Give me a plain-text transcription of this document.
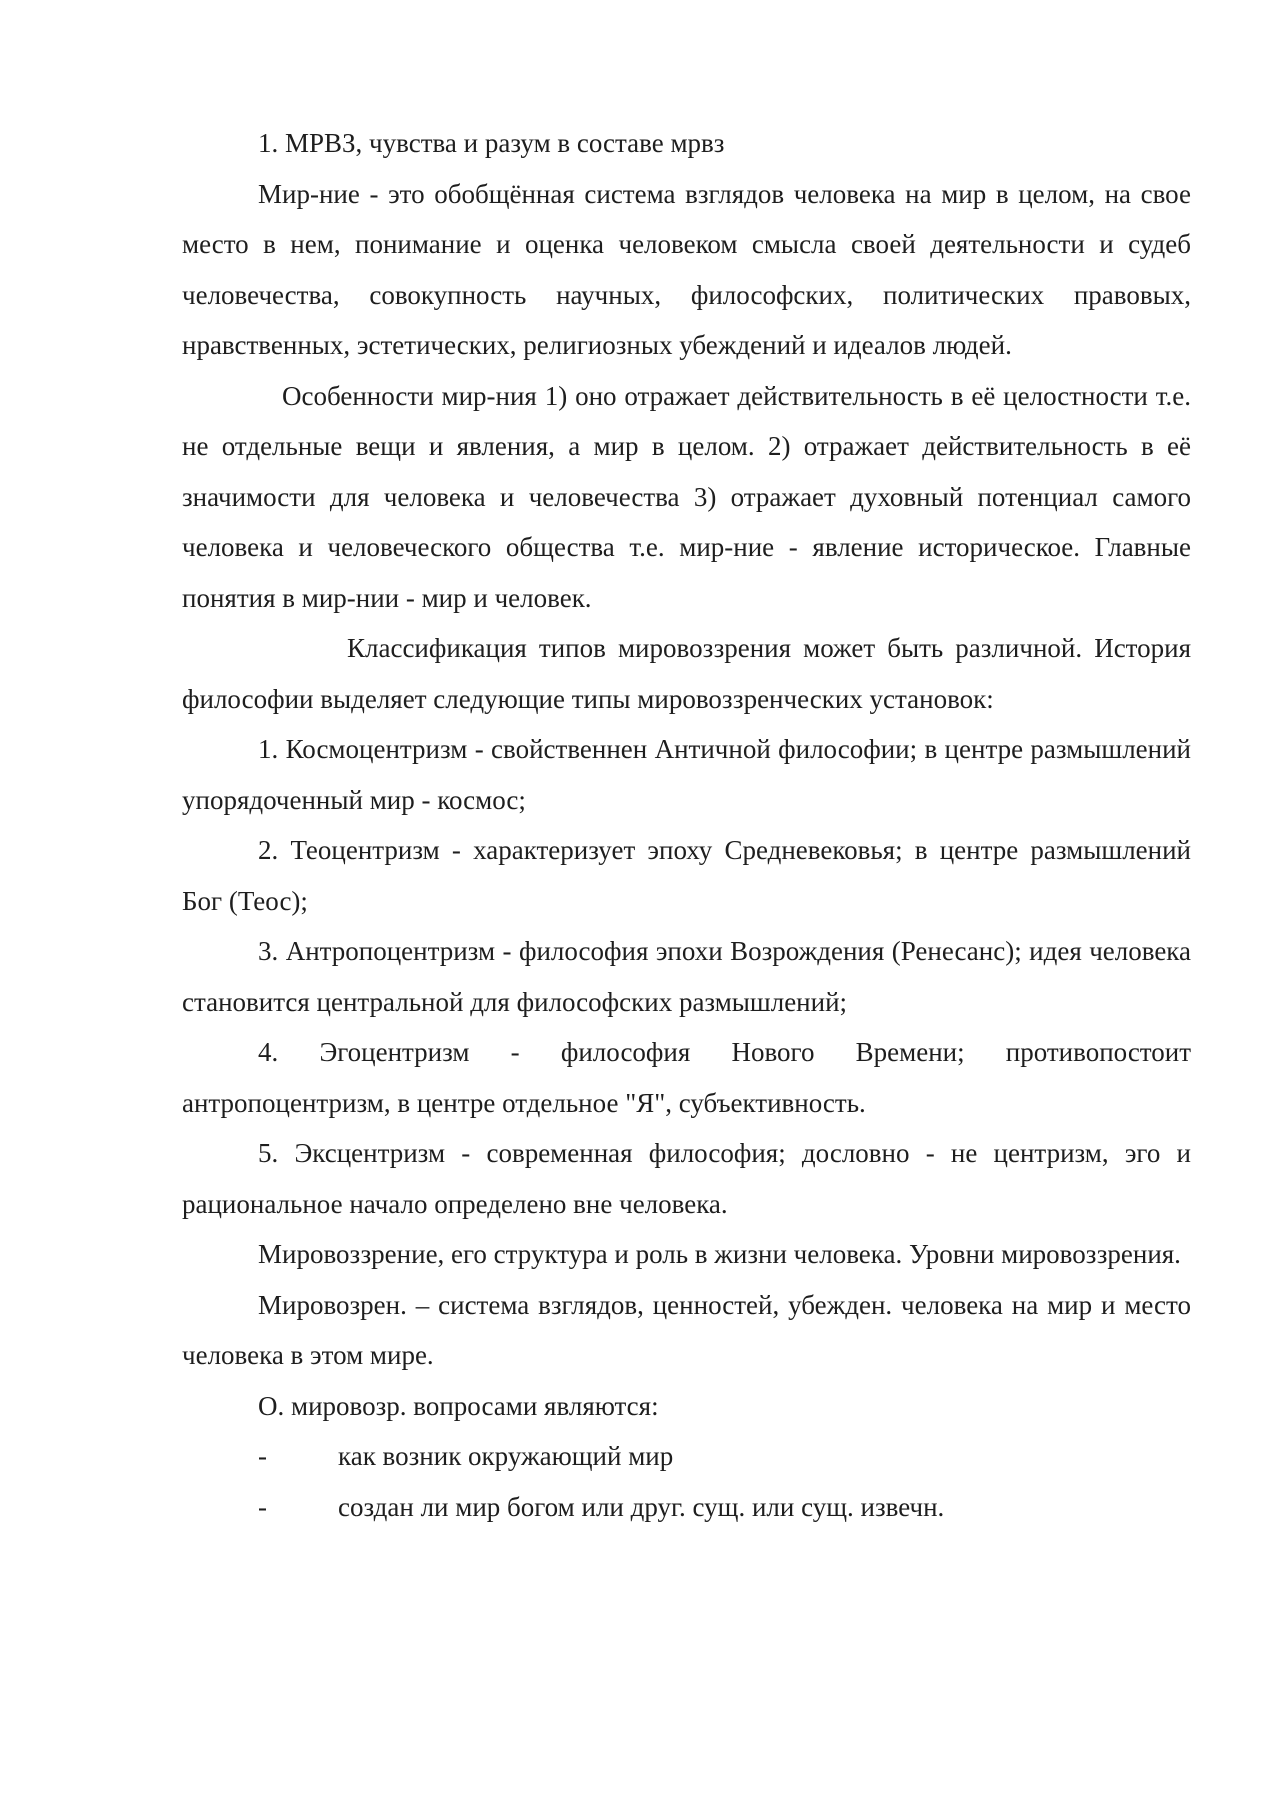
1. МРВЗ, чувства и разум в составе мрвз

Мир-ние - это обобщённая система взглядов человека на мир в целом, на свое место в нем, понимание и оценка человеком смысла своей деятельности и судеб человечества, совокупность научных, философских, политических правовых, нравственных, эстетических, религиозных убеждений и идеалов людей.

Особенности мир-ния 1) оно отражает действительность в её целостности т.е. не отдельные вещи и явления, а мир в целом. 2) отражает действительность в её значимости для человека и человечества 3) отражает духовный потенциал самого человека и человеческого общества т.е. мир-ние - явление историческое. Главные понятия в мир-нии - мир и человек.

Классификация типов мировоззрения может быть различной. История философии выделяет следующие типы мировоззренческих установок:

1. Космоцентризм - свойственнен Античной философии; в центре размышлений упорядоченный мир - космос;

2. Теоцентризм - характеризует эпоху Средневековья; в центре размышлений Бог (Теос);

3. Антропоцентризм - философия эпохи Возрождения (Ренесанс); идея человека становится центральной для философских размышлений;

4. Эгоцентризм - философия Нового Времени; противопостоит антропоцентризм, в центре отдельное "Я", субъективность.

5. Эксцентризм - современная философия; дословно - не центризм, эго и рациональное начало определено вне человека.

Мировоззрение, его структура и роль в жизни человека. Уровни мировоззрения.

Мировозрен. – система взглядов, ценностей, убежден. человека на мир и место человека в этом мире.

О. мировозр. вопросами являются:

-	как возник окружающий мир
-	создан ли мир богом или друг. сущ. или сущ. извечн.
